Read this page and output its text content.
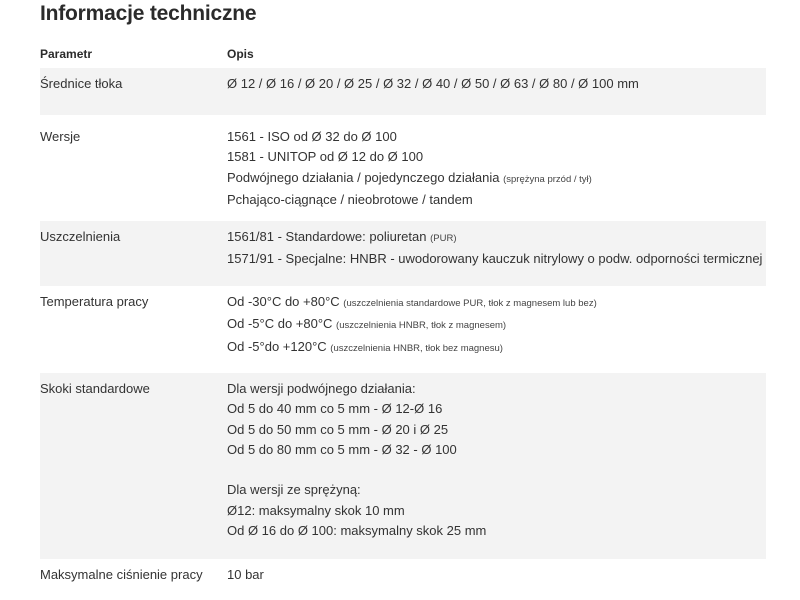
Informacje techniczne
Parametr	Opis
Średnice tłoka	Ø 12 / Ø 16 / Ø 20 / Ø 25 / Ø 32 / Ø 40 / Ø 50 / Ø 63 / Ø 80 / Ø 100 mm
Wersje	1561 - ISO od Ø 32 do Ø 100
1581 - UNITOP od Ø 12 do Ø 100
Podwójnego działania / pojedynczego działania (sprężyna przód / tył)
Pchająco-ciągnące / nieobrotowe / tandem
Uszczelnienia	1561/81 - Standardowe: poliuretan (PUR)
1571/91 - Specjalne: HNBR - uwodorowany kauczuk nitrylowy o podw. odporności termicznej
Temperatura pracy	Od -30°C do +80°C (uszczelnienia standardowe PUR, tłok z magnesem lub bez)
Od -5°C do +80°C (uszczelnienia HNBR, tłok z magnesem)
Od -5°do +120°C (uszczelnienia HNBR, tłok bez magnesu)
Skoki standardowe	Dla wersji podwójnego działania:
Od 5 do 40 mm co 5 mm - Ø 12-Ø 16
Od 5 do 50 mm co 5 mm - Ø 20 i Ø 25
Od 5 do 80 mm co 5 mm - Ø 32 - Ø 100
Dla wersji ze sprężyną:
Ø12: maksymalny skok 10 mm
Od Ø 16 do Ø 100: maksymalny skok 25 mm
Maksymalne ciśnienie pracy	10 bar
